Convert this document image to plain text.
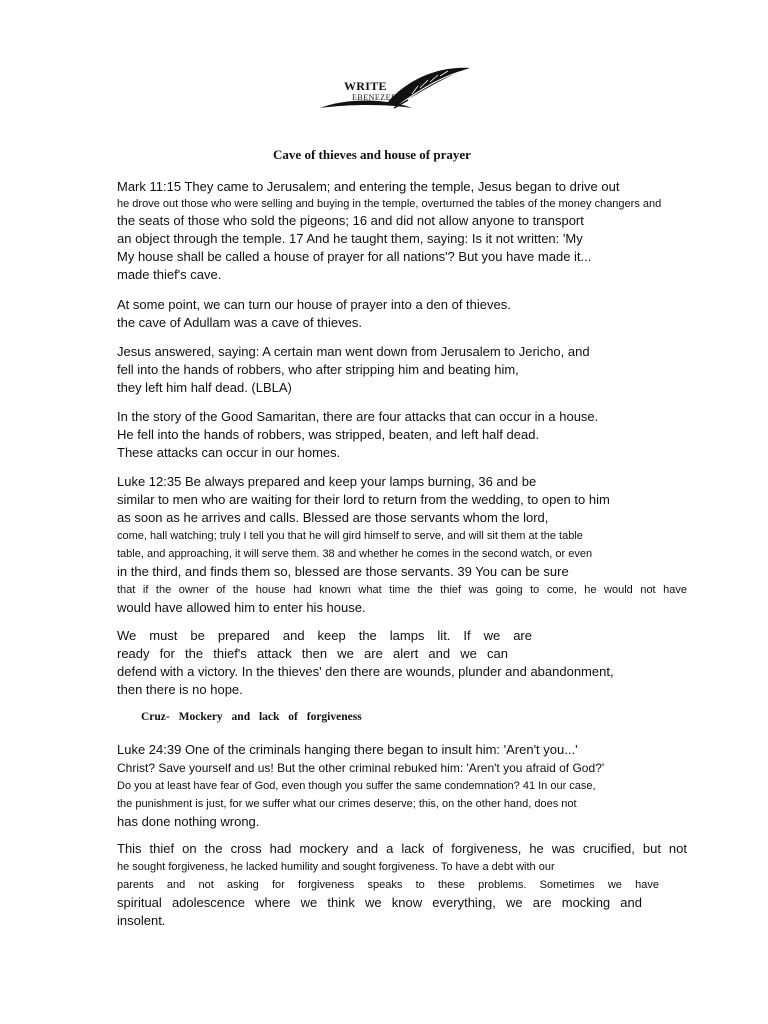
WRITE
EBENEZER
Cave of thieves and house of prayer
Mark 11:15 They came to Jerusalem; and entering the temple, Jesus began to drive out
he drove out those who were selling and buying in the temple, overturned the tables of the money changers and
the seats of those who sold the pigeons; 16 and did not allow anyone to transport
an object through the temple. 17 And he taught them, saying: Is it not written: 'My
My house shall be called a house of prayer for all nations'? But you have made it...
made thief's cave.
At some point, we can turn our house of prayer into a den of thieves.
the cave of Adullam was a cave of thieves.
Jesus answered, saying: A certain man went down from Jerusalem to Jericho, and
fell into the hands of robbers, who after stripping him and beating him,
they left him half dead. (LBLA)
In the story of the Good Samaritan, there are four attacks that can occur in a house.
He fell into the hands of robbers, was stripped, beaten, and left half dead.
These attacks can occur in our homes.
Luke 12:35 Be always prepared and keep your lamps burning, 36 and be
similar to men who are waiting for their lord to return from the wedding, to open to him
as soon as he arrives and calls. Blessed are those servants whom the lord,
come, hall watching; truly I tell you that he will gird himself to serve, and will sit them at the table
table, and approaching, it will serve them. 38 and whether he comes in the second watch, or even
in the third, and finds them so, blessed are those servants. 39 You can be sure
that if the owner of the house had known what time the thief was going to come, he would not have
would have allowed him to enter his house.
We must be prepared and keep the lamps lit. If we are
ready for the thief's attack then we are alert and we can
defend with a victory. In the thieves' den there are wounds, plunder and abandonment,
then there is no hope.
Cruz- Mockery and lack of forgiveness
Luke 24:39 One of the criminals hanging there began to insult him: 'Aren't you...'
Christ? Save yourself and us! But the other criminal rebuked him: 'Aren't you afraid of God?'
Do you at least have fear of God, even though you suffer the same condemnation? 41 In our case,
the punishment is just, for we suffer what our crimes deserve; this, on the other hand, does not
has done nothing wrong.
This thief on the cross had mockery and a lack of forgiveness, he was crucified, but not
he sought forgiveness, he lacked humility and sought forgiveness. To have a debt with our
parents and not asking for forgiveness speaks to these problems. Sometimes we have
spiritual adolescence where we think we know everything, we are mocking and
insolent.
